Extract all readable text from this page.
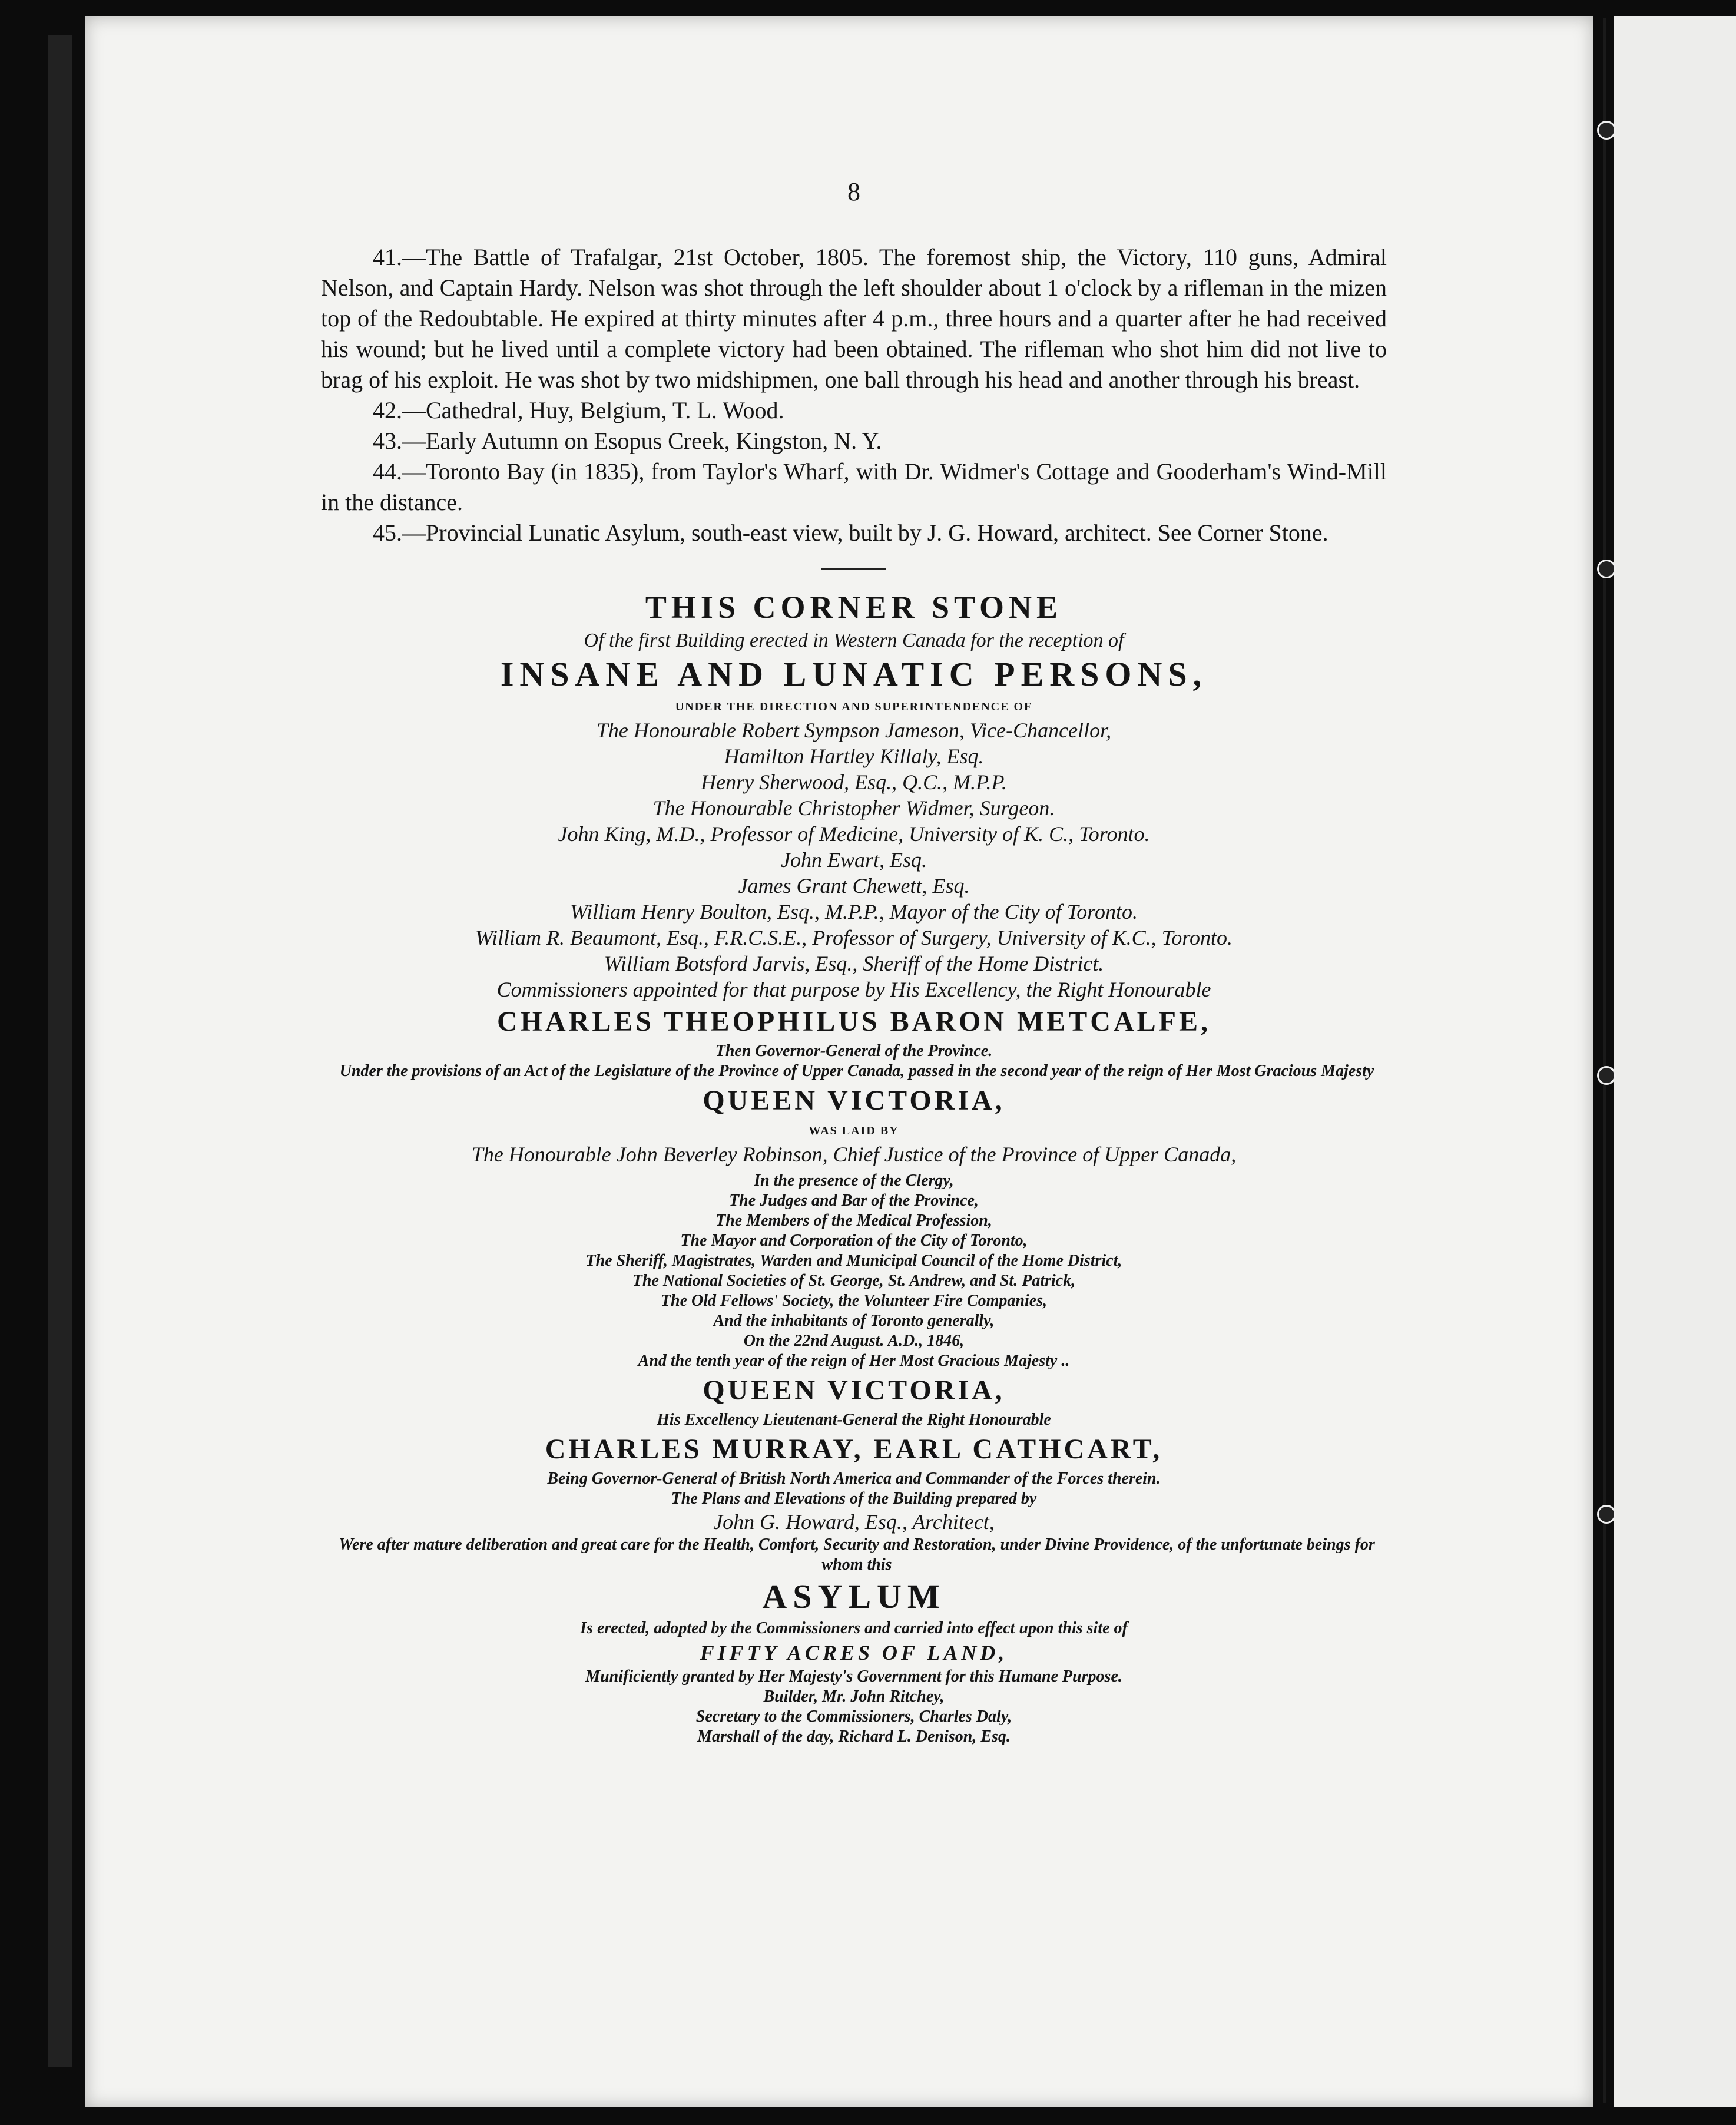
8

41.—The Battle of Trafalgar, 21st October, 1805. The foremost ship, the Victory, 110 guns, Admiral Nelson, and Captain Hardy. Nelson was shot through the left shoulder about 1 o'clock by a rifleman in the mizen top of the Redoubtable. He expired at thirty minutes after 4 p.m., three hours and a quarter after he had received his wound; but he lived until a complete victory had been obtained. The rifleman who shot him did not live to brag of his exploit. He was shot by two midshipmen, one ball through his head and another through his breast.

42.—Cathedral, Huy, Belgium, T. L. Wood.

43.—Early Autumn on Esopus Creek, Kingston, N. Y.

44.—Toronto Bay (in 1835), from Taylor's Wharf, with Dr. Widmer's Cottage and Gooderham's Wind-Mill in the distance.

45.—Provincial Lunatic Asylum, south-east view, built by J. G. Howard, architect. See Corner Stone.

THIS CORNER STONE
Of the first Building erected in Western Canada for the reception of
INSANE AND LUNATIC PERSONS,
UNDER THE DIRECTION AND SUPERINTENDENCE OF
The Honourable Robert Sympson Jameson, Vice-Chancellor,
Hamilton Hartley Killaly, Esq.
Henry Sherwood, Esq., Q.C., M.P.P.
The Honourable Christopher Widmer, Surgeon.
John King, M.D., Professor of Medicine, University of K. C., Toronto.
John Ewart, Esq.
James Grant Chewett, Esq.
William Henry Boulton, Esq., M.P.P., Mayor of the City of Toronto.
William R. Beaumont, Esq., F.R.C.S.E., Professor of Surgery, University of K.C., Toronto.
William Botsford Jarvis, Esq., Sheriff of the Home District.
Commissioners appointed for that purpose by His Excellency, the Right Honourable
CHARLES THEOPHILUS BARON METCALFE,
Then Governor-General of the Province.
Under the provisions of an Act of the Legislature of the Province of Upper Canada, passed in the second year of the reign of Her Most Gracious Majesty
QUEEN VICTORIA,
WAS LAID BY
The Honourable John Beverley Robinson, Chief Justice of the Province of Upper Canada,
In the presence of the Clergy,
The Judges and Bar of the Province,
The Members of the Medical Profession,
The Mayor and Corporation of the City of Toronto,
The Sheriff, Magistrates, Warden and Municipal Council of the Home District,
The National Societies of St. George, St. Andrew, and St. Patrick,
The Old Fellows' Society, the Volunteer Fire Companies,
And the inhabitants of Toronto generally,
On the 22nd August. A.D., 1846,
And the tenth year of the reign of Her Most Gracious Majesty ..
QUEEN VICTORIA,
His Excellency Lieutenant-General the Right Honourable
CHARLES MURRAY, EARL CATHCART,
Being Governor-General of British North America and Commander of the Forces therein.
The Plans and Elevations of the Building prepared by
John G. Howard, Esq., Architect,
Were after mature deliberation and great care for the Health, Comfort, Security and Restoration, under Divine Providence, of the unfortunate beings for whom this
ASYLUM
Is erected, adopted by the Commissioners and carried into effect upon this site of
FIFTY ACRES OF LAND,
Munificiently granted by Her Majesty's Government for this Humane Purpose.
Builder, Mr. John Ritchey,
Secretary to the Commissioners, Charles Daly,
Marshall of the day, Richard L. Denison, Esq.
